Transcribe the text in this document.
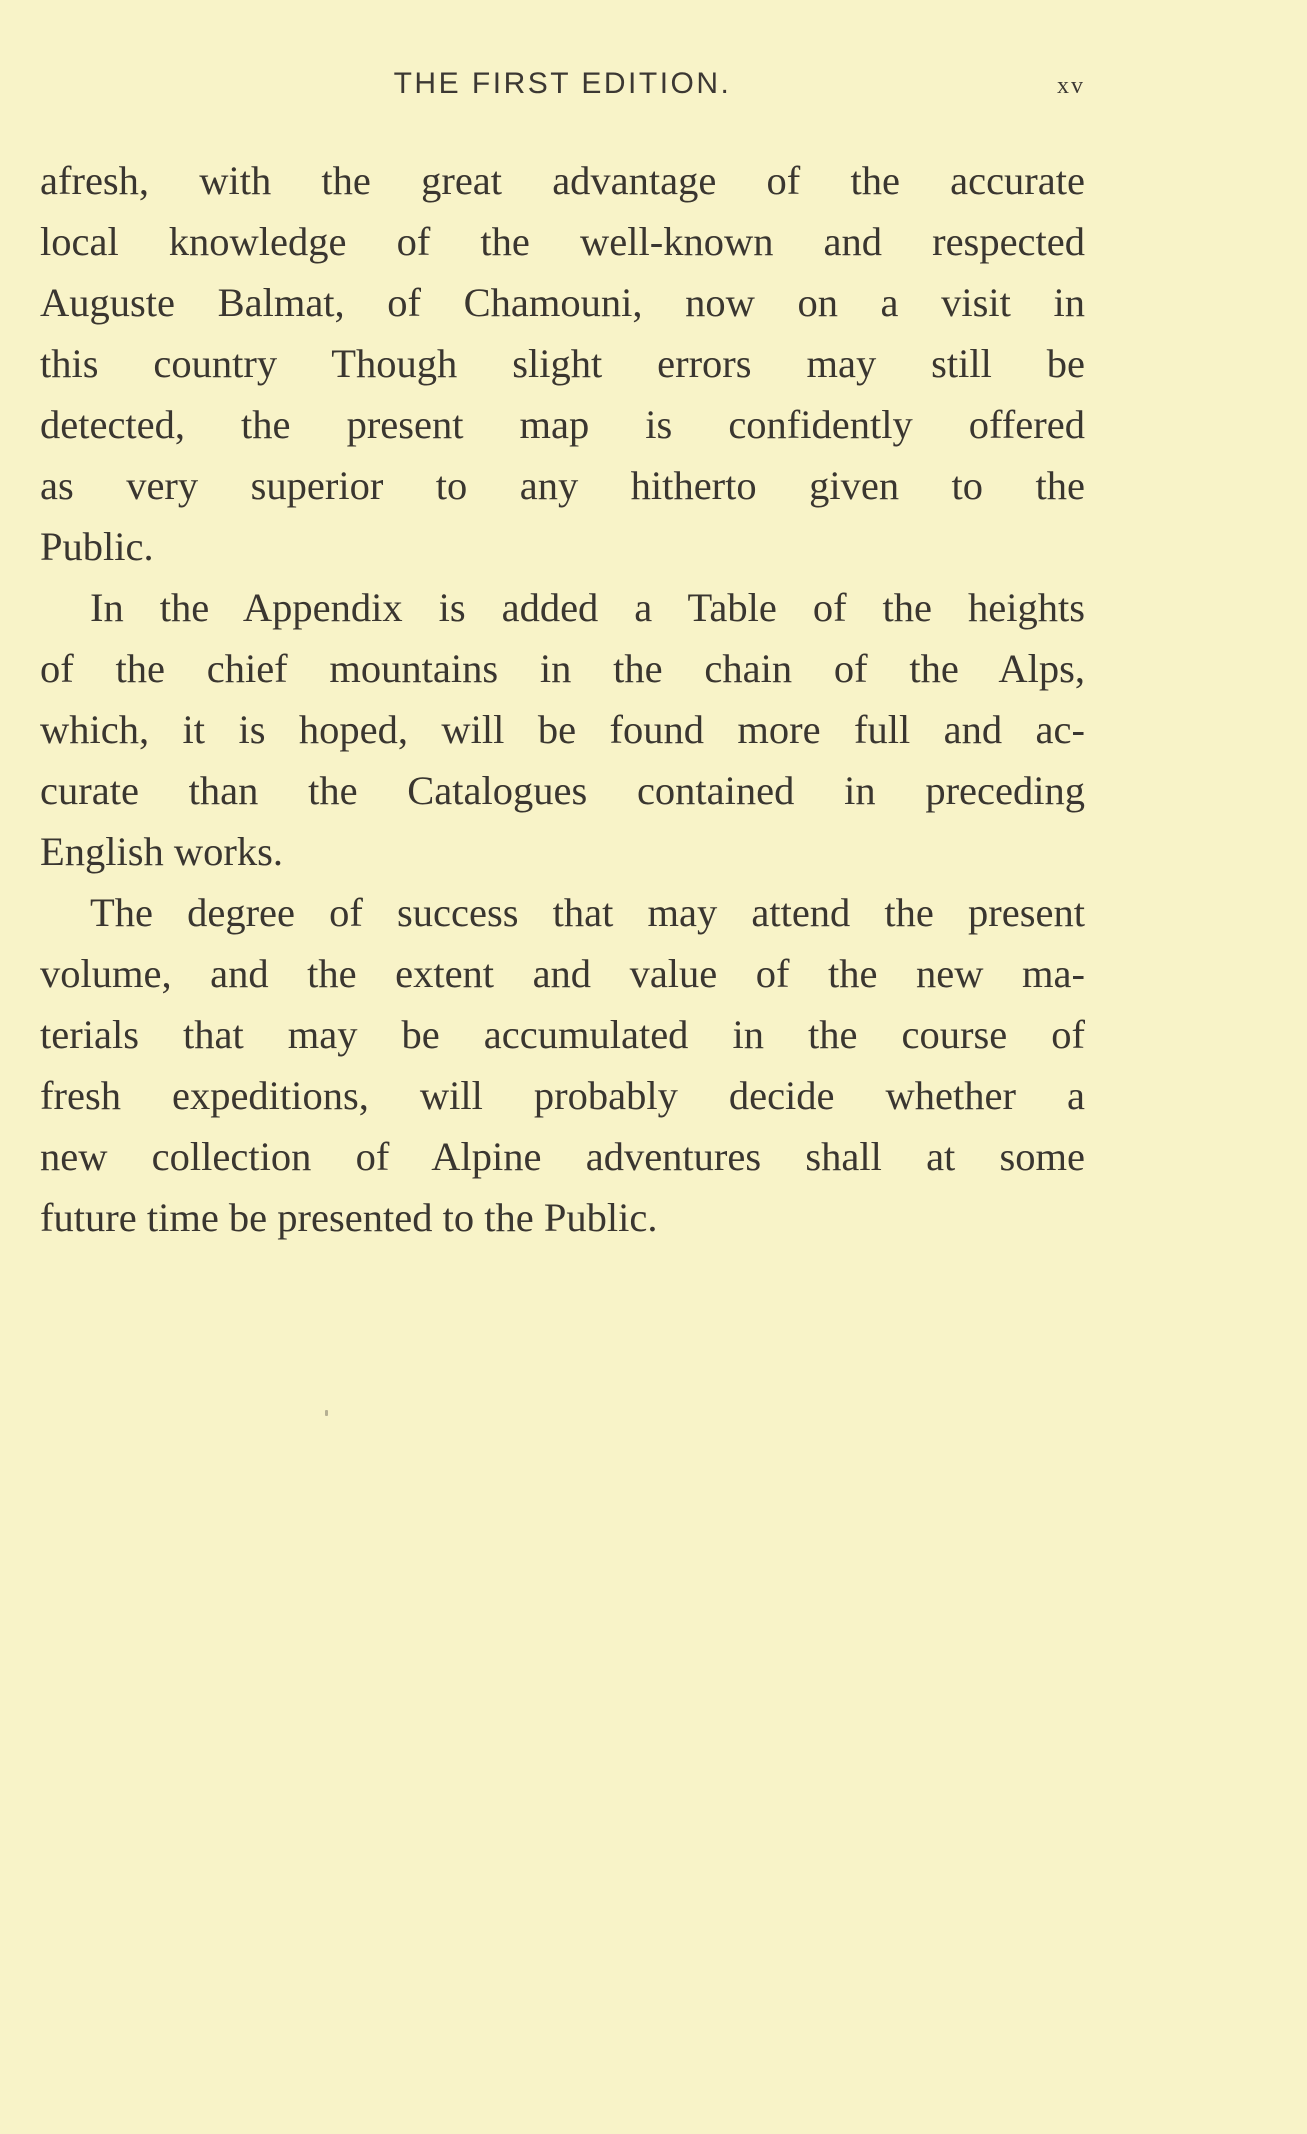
THE FIRST EDITION.	xv
afresh, with the great advantage of the accurate
local knowledge of the well-known and respected
Auguste Balmat, of Chamouni, now on a visit in
this country Though slight errors may still be
detected, the present map is confidently offered
as very superior to any hitherto given to the
Public.
In the Appendix is added a Table of the heights
of the chief mountains in the chain of the Alps,
which, it is hoped, will be found more full and ac-
curate than the Catalogues contained in preceding
English works.
The degree of success that may attend the present
volume, and the extent and value of the new ma-
terials that may be accumulated in the course of
fresh expeditions, will probably decide whether a
new collection of Alpine adventures shall at some
future time be presented to the Public.
